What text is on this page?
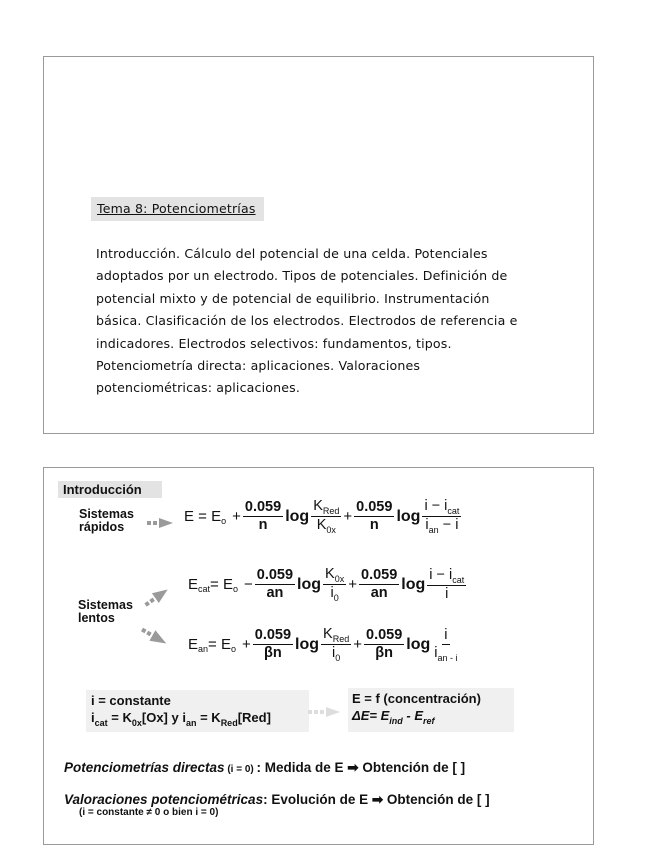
Tema 8: Potenciometrías
Introducción. Cálculo del potencial de una celda. Potenciales
adoptados por un electrodo. Tipos de potenciales. Definición de
potencial mixto y de potencial de equilibrio. Instrumentación
básica. Clasificación de los electrodos. Electrodos de referencia e
indicadores. Electrodos selectivos: fundamentos, tipos.
Potenciometría directa: aplicaciones. Valoraciones
potenciométricas: aplicaciones.
Introducción
Sistemas
rápidos
E = E $o + \frac{0.059}{n}$ $\log \frac{K_{Red}}{K_{0x}} + \frac{0.059}{n}$ $\log \frac{i - i_{cat}}{i_{an} - i}$
Sistemas
lentos
E cat = E $o - \frac{0.059}{an}$ $\log \frac{K_{0x}}{i_0} + \frac{0.059}{an}$ $\log \frac{i - i_{cat}}{i}$
E an = E $o + \frac{0.059}{\beta n}$ $\log \frac{K_{Red}}{i_0} + \frac{0.059}{\beta n}$ $\log \frac{i}{i_{an - i}}$
i = constante
$i_{cat} = K_{0x}[Ox]$ y $i_{an} = K_{Red}[Red]$
E = f (concentración)
$\Delta E= E_{ind} - E_{ref}$
Potenciometrías directas (i = 0) : Medida de E ➡ Obtención de [ ]
Valoraciones potenciométricas: Evolución de E ➡ Obtención de [ ]
(i = constante ≠ 0 o bien i = 0)
